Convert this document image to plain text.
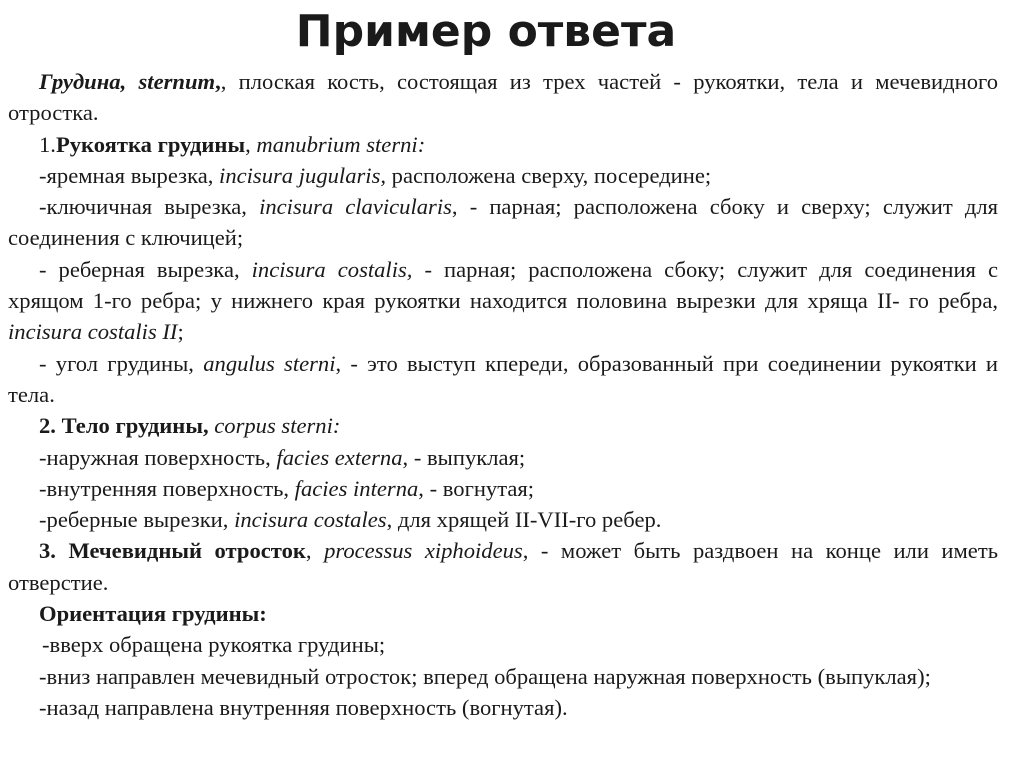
Пример ответа

Грудина, sternum,, плоская кость, состоящая из трех частей - рукоятки, тела и мечевидного отростка.

1.Рукоятка грудины, manubrium sterni:

-яремная вырезка, incisura jugularis, расположена сверху, посередине;

-ключичная вырезка, incisura clavicularis, - парная; расположена сбоку и сверху; служит для соединения с ключицей;

- реберная вырезка, incisura costalis, - парная; расположена сбоку; служит для соединения с хрящом 1-го ребра; у нижнего края рукоятки находится половина вырезки для хряща II- го ребра, incisura costalis II;

- угол грудины, angulus sterni, - это выступ кпереди, образованный при соединении рукоятки и тела.

2. Тело грудины, corpus sterni:

-наружная поверхность, facies externa, - выпуклая;

-внутренняя поверхность, facies interna, - вогнутая;

-реберные вырезки, incisura costales, для хрящей II-VII-го ребер.

3. Мечевидный отросток, processus xiphoideus, - может быть раздвоен на конце или иметь отверстие.

Ориентация грудины:

-вверх обращена рукоятка грудины;

-вниз направлен мечевидный отросток; вперед обращена наружная поверхность (выпуклая);

-назад направлена внутренняя поверхность (вогнутая).
